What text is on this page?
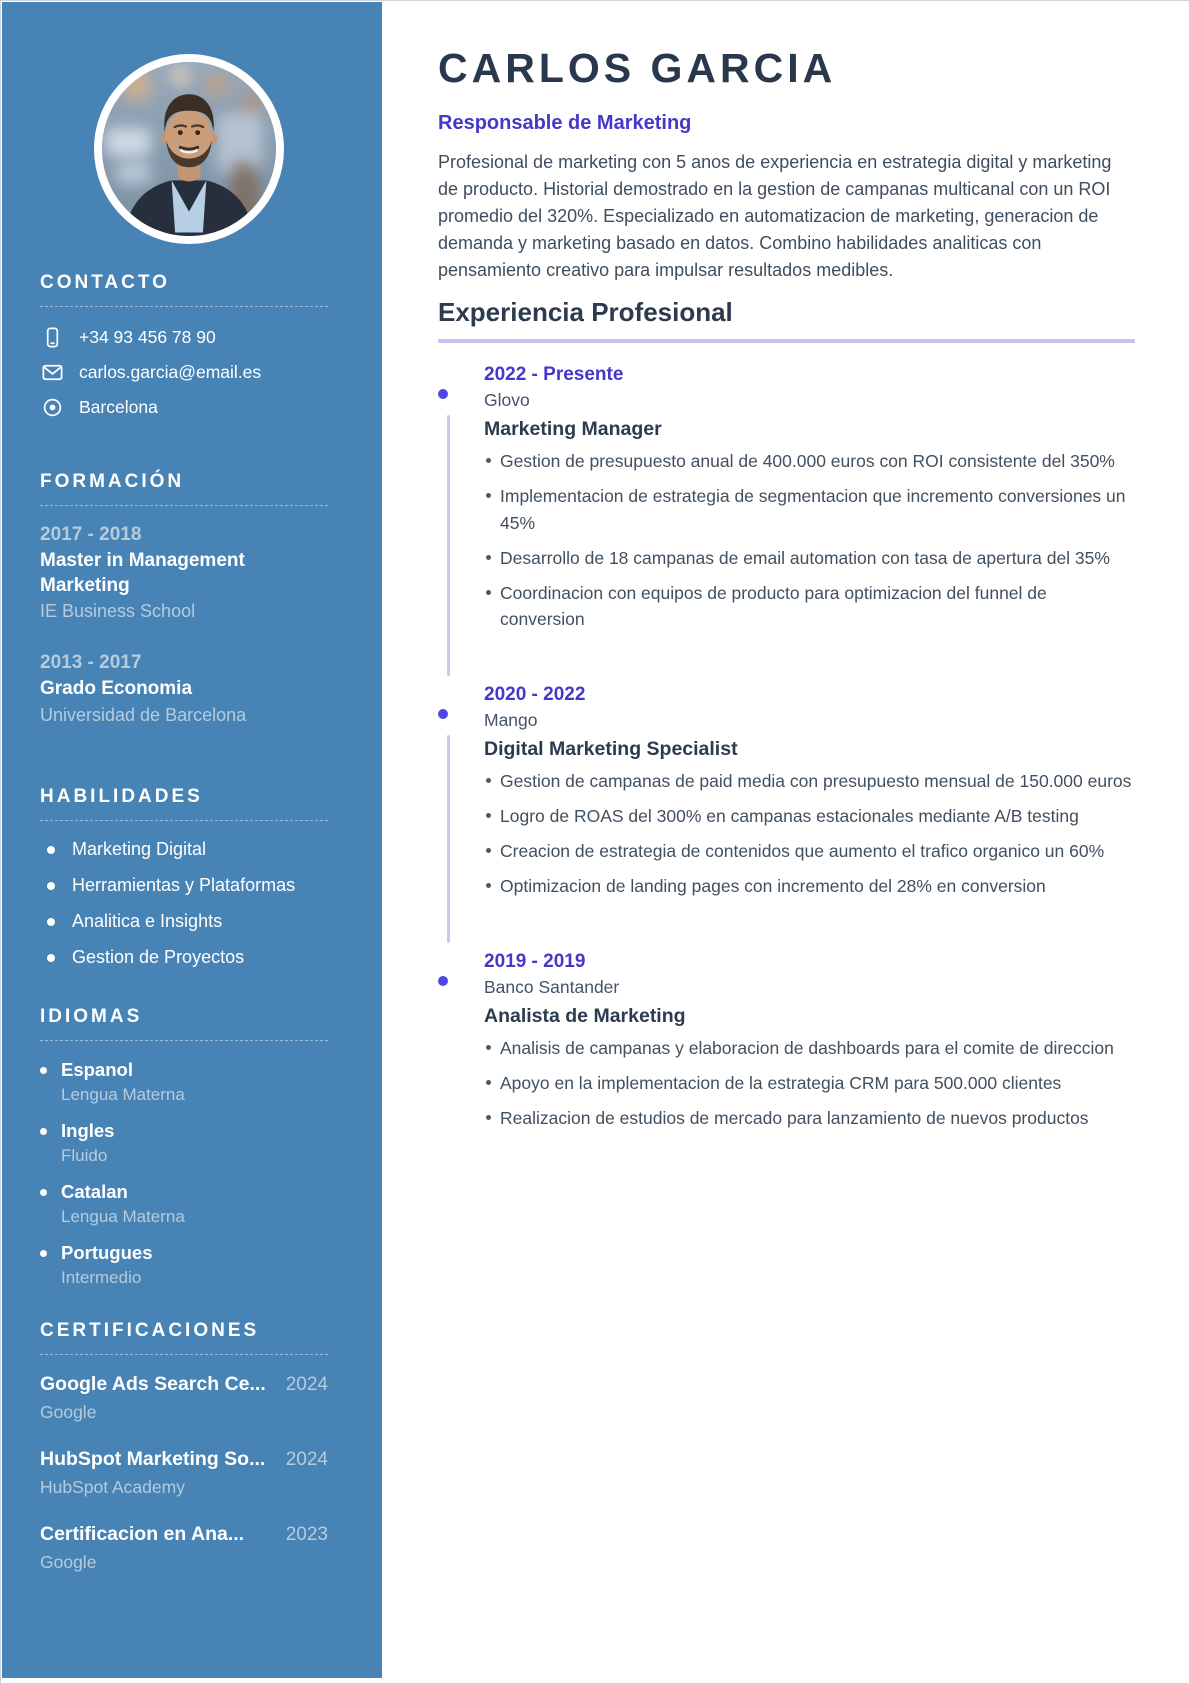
CONTACTO
+34 93 456 78 90
carlos.garcia@email.es
Barcelona
FORMACIÓN
2017 - 2018
Master in Management Marketing
IE Business School
2013 - 2017
Grado Economia
Universidad de Barcelona
HABILIDADES
Marketing Digital
Herramientas y Plataformas
Analitica e Insights
Gestion de Proyectos
IDIOMAS
Espanol
Lengua Materna
Ingles
Fluido
Catalan
Lengua Materna
Portugues
Intermedio
CERTIFICACIONES
Google Ads Search Ce...	2024
Google
HubSpot Marketing So...	2024
HubSpot Academy
Certificacion en Ana...	2023
Google
CARLOS GARCIA
Responsable de Marketing

Profesional de marketing con 5 anos de experiencia en estrategia digital y marketing de producto. Historial demostrado en la gestion de campanas multicanal con un ROI promedio del 320%. Especializado en automatizacion de marketing, generacion de demanda y marketing basado en datos. Combino habilidades analiticas con pensamiento creativo para impulsar resultados medibles.

Experiencia Profesional
2022 - Presente
Glovo
Marketing Manager
Gestion de presupuesto anual de 400.000 euros con ROI consistente del 350%
Implementacion de estrategia de segmentacion que incremento conversiones un 45%
Desarrollo de 18 campanas de email automation con tasa de apertura del 35%
Coordinacion con equipos de producto para optimizacion del funnel de conversion
2020 - 2022
Mango
Digital Marketing Specialist
Gestion de campanas de paid media con presupuesto mensual de 150.000 euros
Logro de ROAS del 300% en campanas estacionales mediante A/B testing
Creacion de estrategia de contenidos que aumento el trafico organico un 60%
Optimizacion de landing pages con incremento del 28% en conversion
2019 - 2019
Banco Santander
Analista de Marketing
Analisis de campanas y elaboracion de dashboards para el comite de direccion
Apoyo en la implementacion de la estrategia CRM para 500.000 clientes
Realizacion de estudios de mercado para lanzamiento de nuevos productos
